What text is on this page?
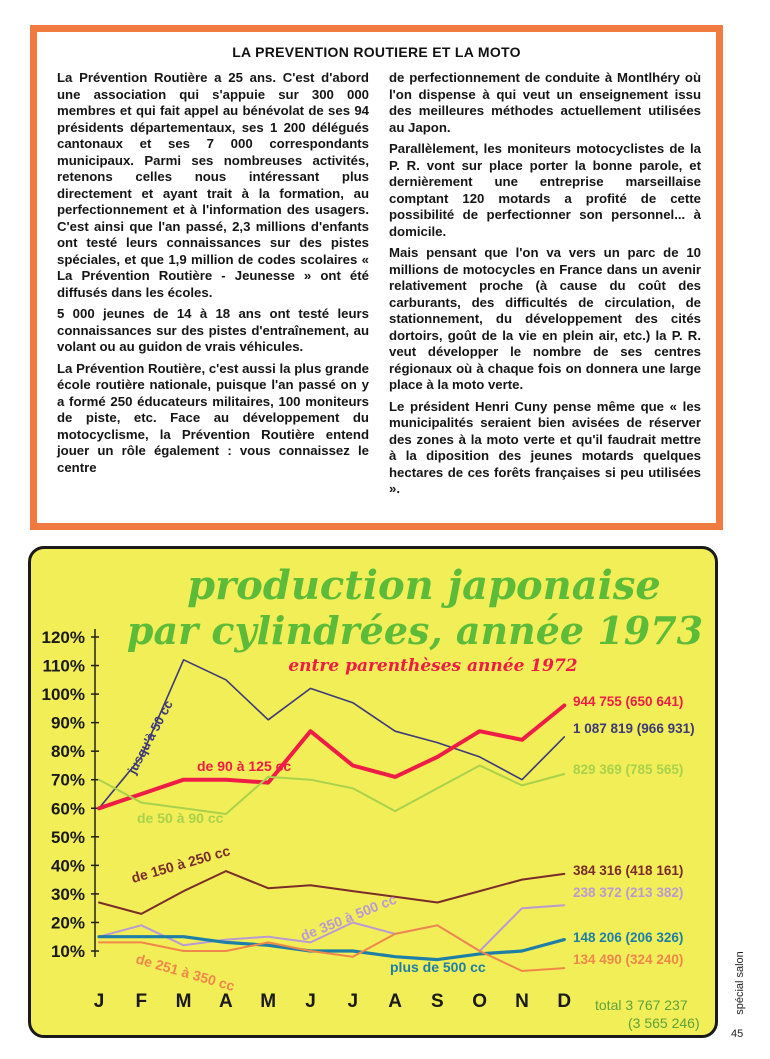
LA PREVENTION ROUTIERE ET LA MOTO

La Prévention Routière a 25 ans. C'est d'abord une association qui s'appuie sur 300 000 membres et qui fait appel au bénévolat de ses 94 présidents départementaux, ses 1 200 délégués cantonaux et ses 7 000 correspondants municipaux. Parmi ses nombreuses activités, retenons celles nous intéressant plus directement et ayant trait à la formation, au perfectionnement et à l'information des usagers. C'est ainsi que l'an passé, 2,3 millions d'enfants ont testé leurs connaissances sur des pistes spéciales, et que 1,9 million de codes scolaires « La Prévention Routière - Jeunesse » ont été diffusés dans les écoles.

5 000 jeunes de 14 à 18 ans ont testé leurs connaissances sur des pistes d'entraînement, au volant ou au guidon de vrais véhicules.

La Prévention Routière, c'est aussi la plus grande école routière nationale, puisque l'an passé on y a formé 250 éducateurs militaires, 100 moniteurs de piste, etc. Face au développement du motocyclisme, la Prévention Routière entend jouer un rôle également : vous connaissez le centre

de perfectionnement de conduite à Montlhéry où l'on dispense à qui veut un enseignement issu des meilleures méthodes actuellement utilisées au Japon.

Parallèlement, les moniteurs motocyclistes de la P. R. vont sur place porter la bonne parole, et dernièrement une entreprise marseillaise comptant 120 motards a profité de cette possibilité de perfectionner son personnel... à domicile.

Mais pensant que l'on va vers un parc de 10 millions de motocycles en France dans un avenir relativement proche (à cause du coût des carburants, des difficultés de circulation, de stationnement, du développement des cités dortoirs, goût de la vie en plein air, etc.) la P. R. veut développer le nombre de ses centres régionaux où à chaque fois on donnera une large place à la moto verte.

Le président Henri Cuny pense même que « les municipalités seraient bien avisées de réserver des zones à la moto verte et qu'il faudrait mettre à la diposition des jeunes motards quelques hectares de ces forêts françaises si peu utilisées ».

production japonaise
par cylindrées, année 1973
entre parenthèses année 1972
10%
20%
30%
40%
50%
60%
70%
80%
90%
100%
110%
120%
J F M A M J J A S O N D
jusqu'à 50 cc de 90 à 125 cc
de 50 à 90 cc
de 150 à 250 cc
de 350 à 500 cc
plus de 500 cc
de 251 à 350 cc
1 087 819 (966 931)
944 755 (650 641)
829 369 (785 565)
384 316 (418 161)
238 372 (213 382)
148 206 (206 326)
134 490 (324 240)
total 3 767 237
(3 565 246)
spécial salon
45
